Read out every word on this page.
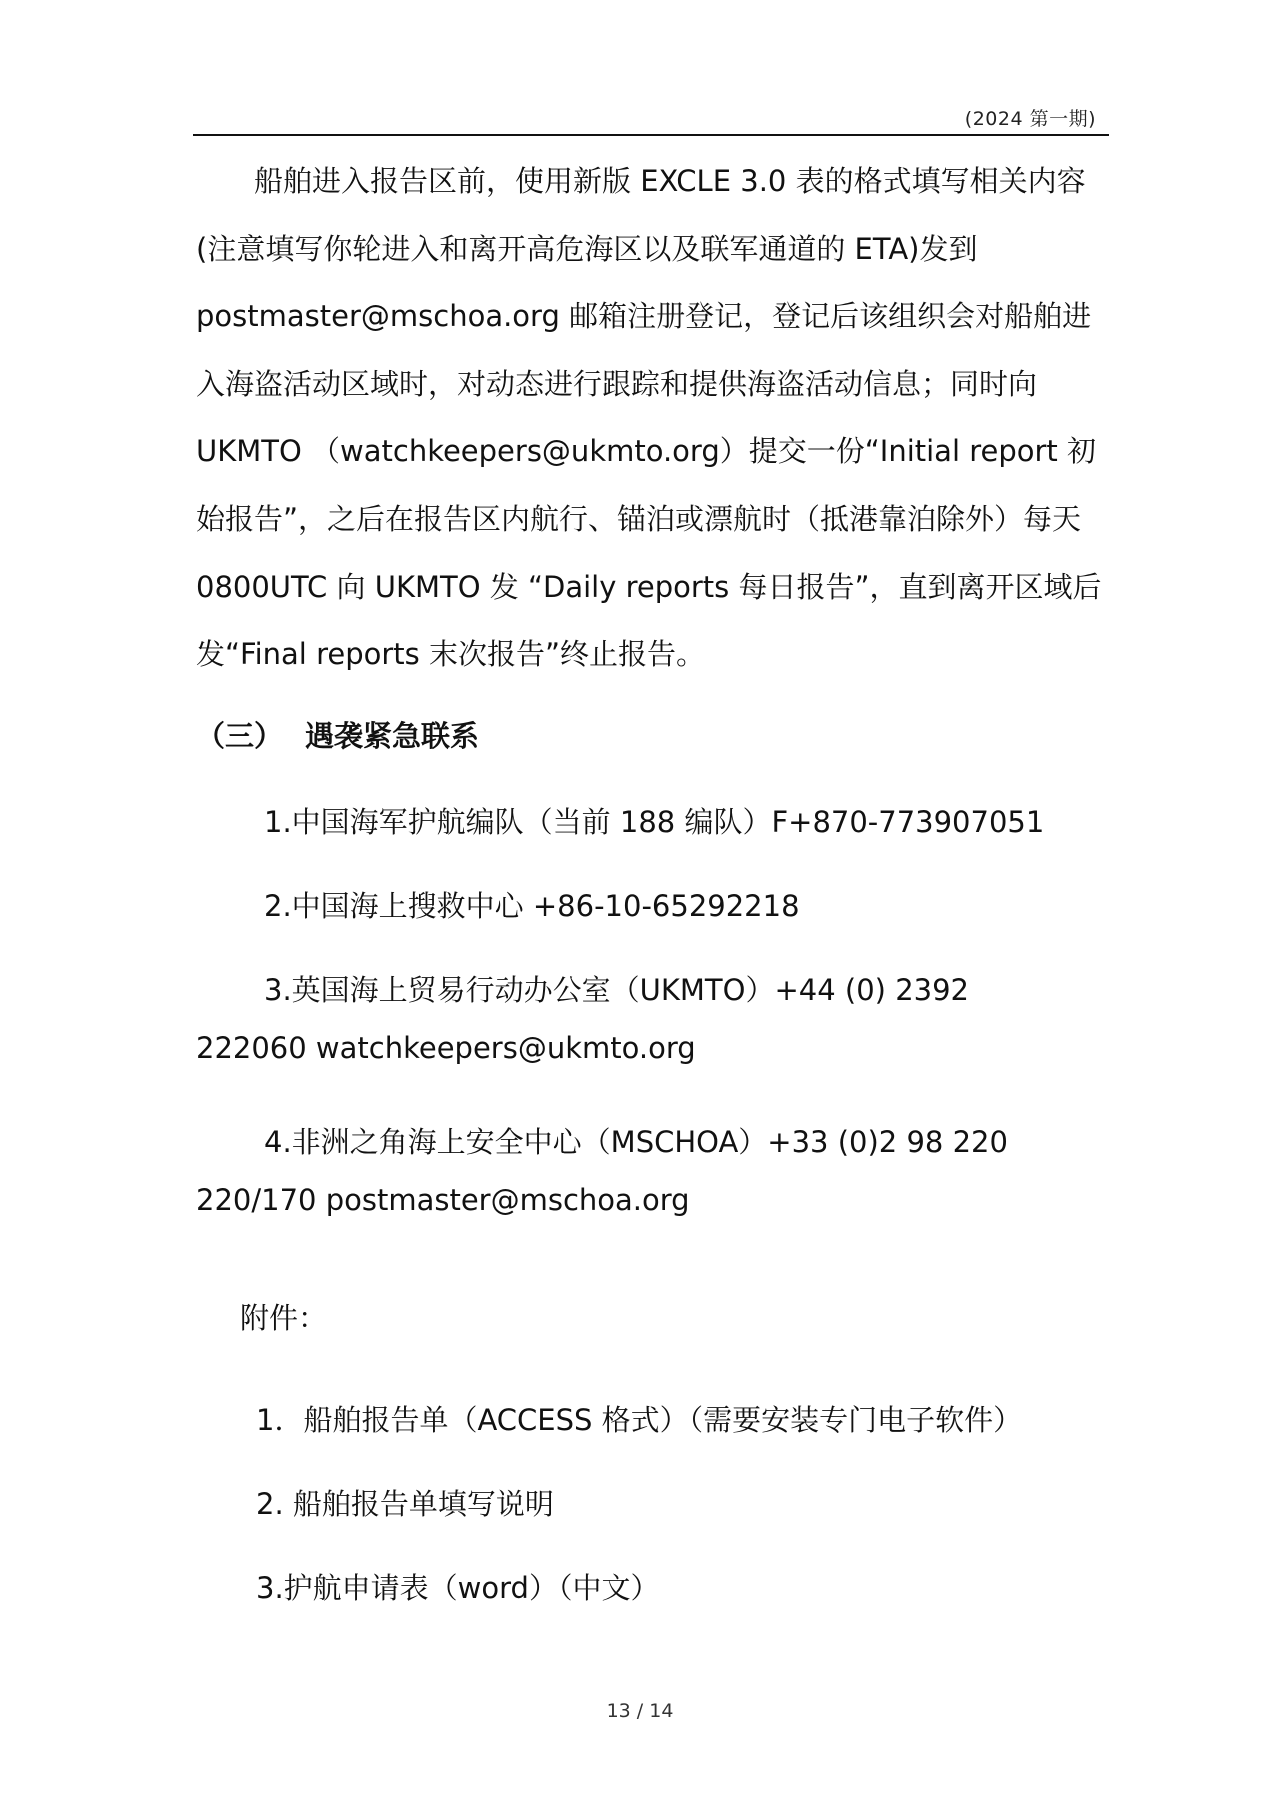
(2024 第一期)
船舶进入报告区前，使用新版 EXCLE 3.0 表的格式填写相关内容
(注意填写你轮进入和离开高危海区以及联军通道的 ETA)发到
postmaster@mschoa.org 邮箱注册登记，登记后该组织会对船舶进
入海盗活动区域时，对动态进行跟踪和提供海盗活动信息；同时向
UKMTO （watchkeepers@ukmto.org）提交一份“Initial report 初
始报告”，之后在报告区内航行、锚泊或漂航时（抵港靠泊除外）每天
0800UTC 向 UKMTO 发 “Daily reports 每日报告”，直到离开区域后
发“Final reports 末次报告”终止报告。
（三） 遇袭紧急联系
1.中国海军护航编队（当前 188 编队）F+870-773907051
2.中国海上搜救中心 +86-10-65292218
3.英国海上贸易行动办公室（UKMTO）+44 (0) 2392
222060 watchkeepers@ukmto.org
4.非洲之角海上安全中心（MSCHOA）+33 (0)2 98 220
220/170 postmaster@mschoa.org
附件：
1．船舶报告单（ACCESS 格式）（需要安装专门电子软件）
2. 船舶报告单填写说明
3.护航申请表（word）（中文）
13 / 14
